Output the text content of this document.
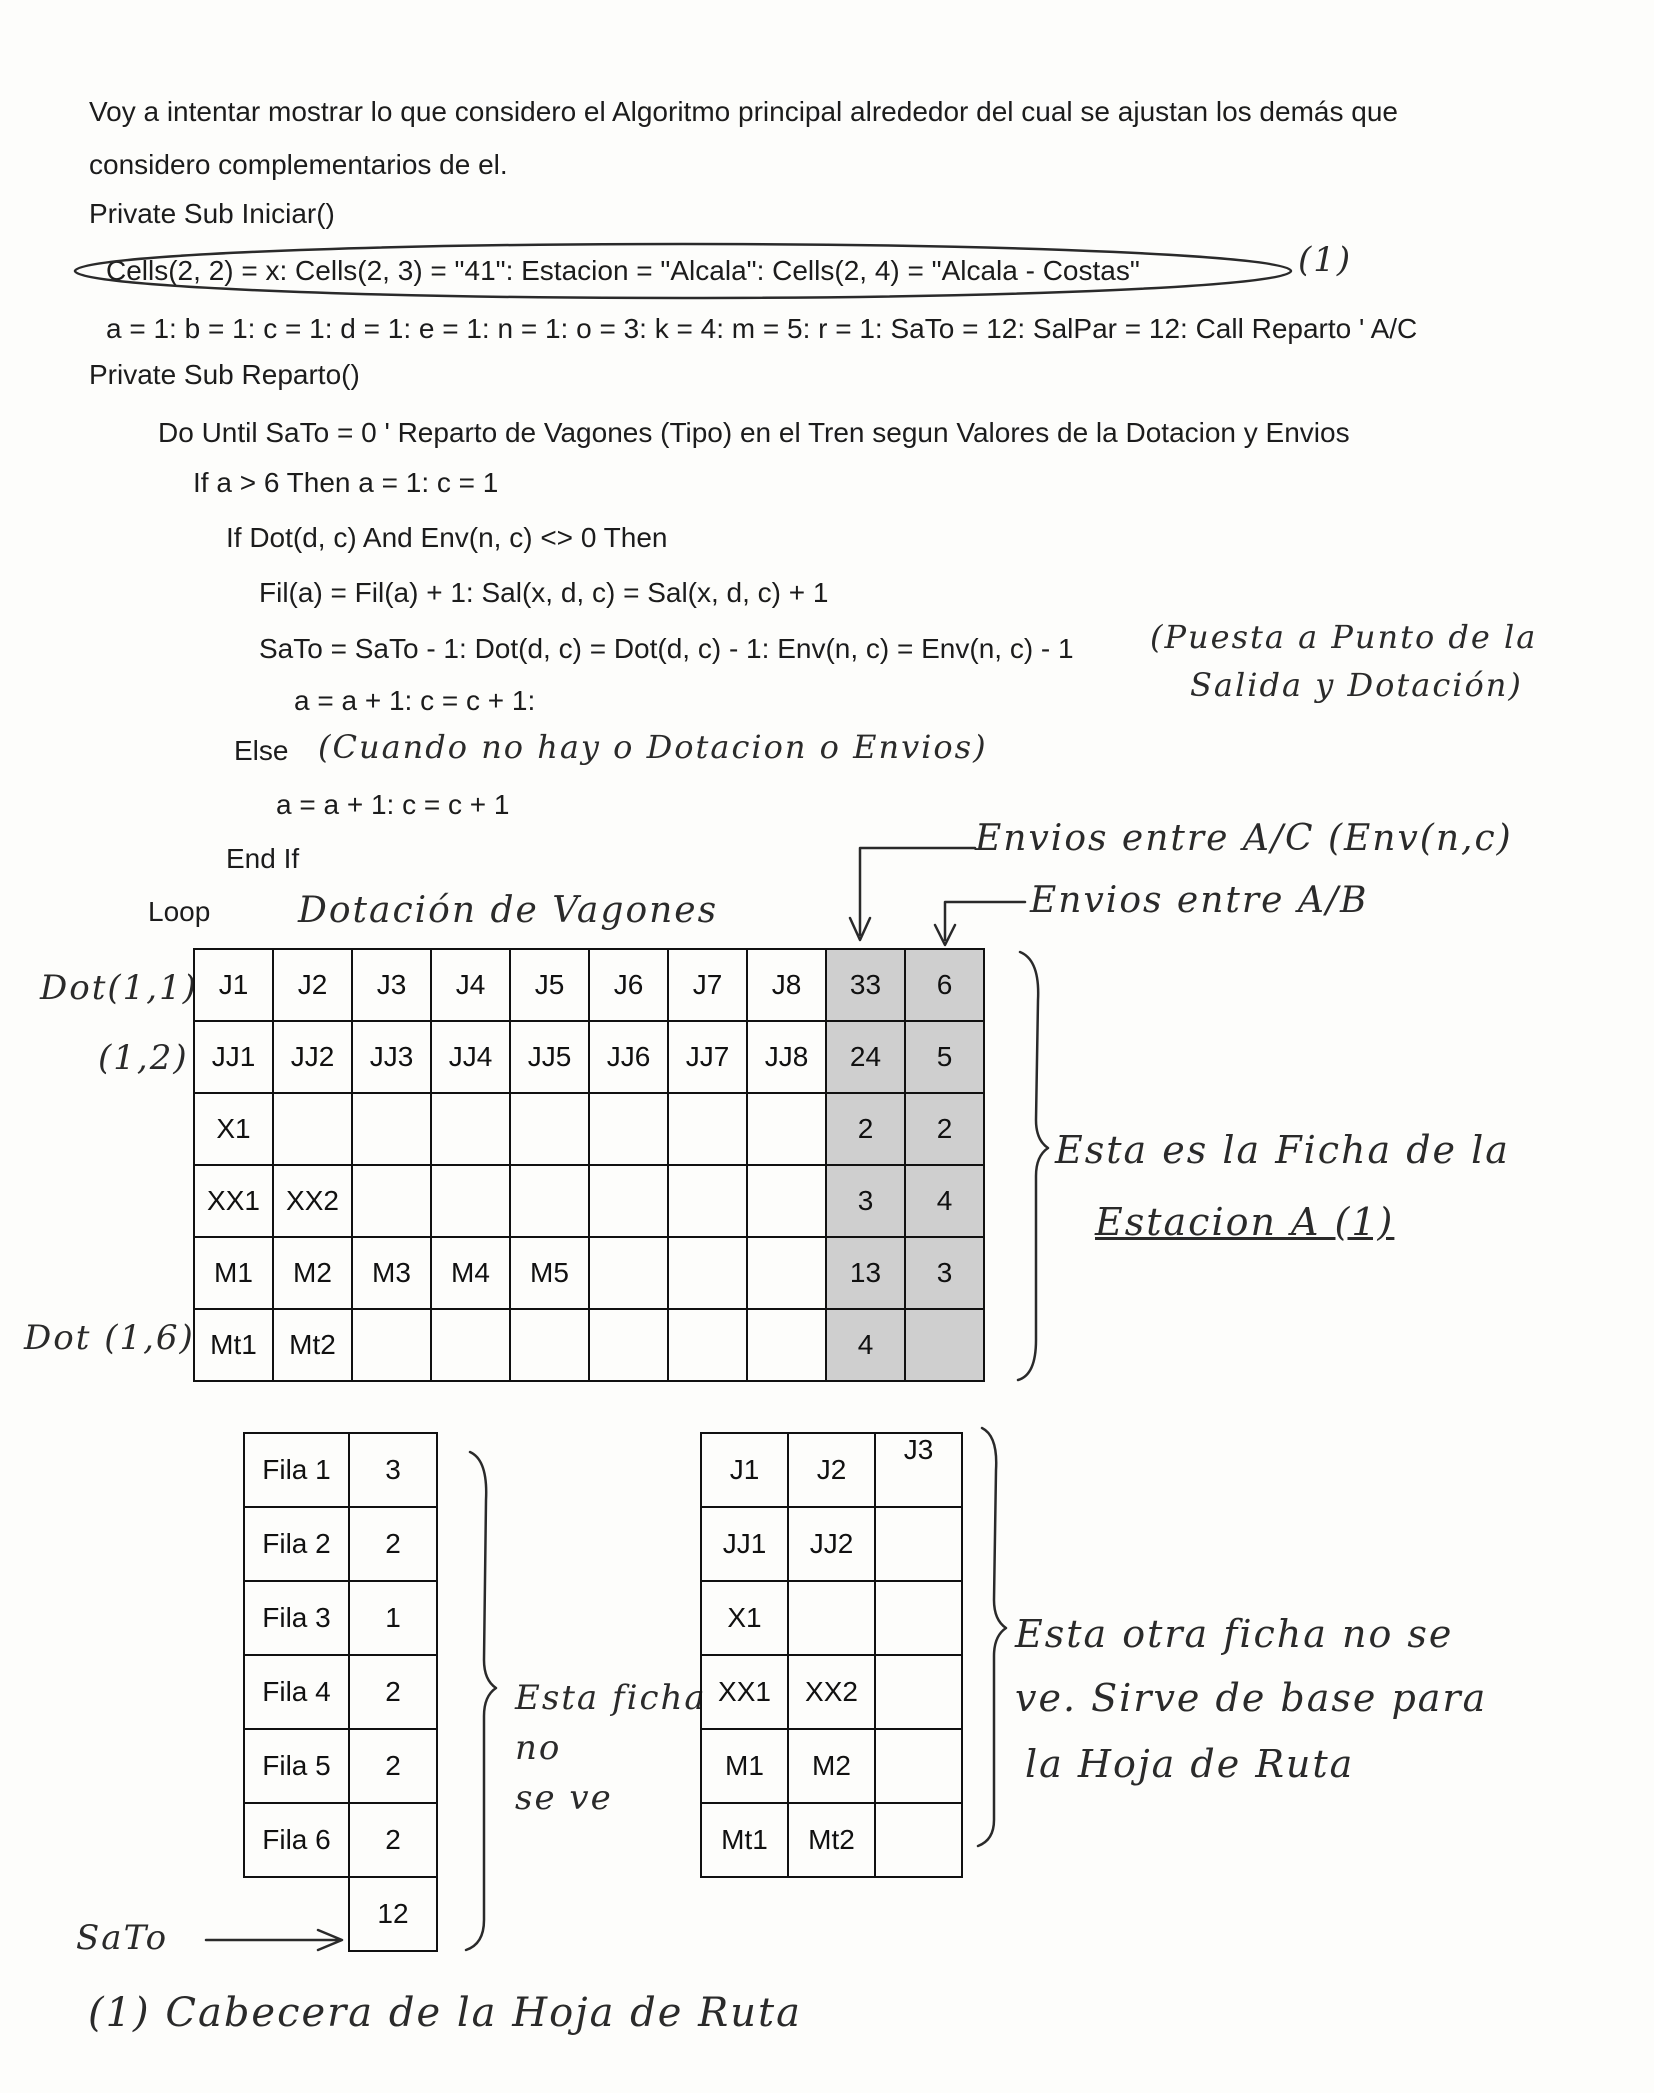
Voy a intentar mostrar lo que considero el Algoritmo principal alrededor del cual se ajustan los demás que
considero complementarios de el.
Private Sub Iniciar()
Cells(2, 2) = x: Cells(2, 3) = "41": Estacion = "Alcala": Cells(2, 4) = "Alcala - Costas"
a = 1: b = 1: c = 1: d = 1: e = 1: n = 1: o = 3: k = 4: m = 5: r = 1: SaTo = 12: SalPar = 12: Call Reparto ' A/C
Private Sub Reparto()
Do Until SaTo = 0 ' Reparto de Vagones (Tipo) en el Tren segun Valores de la Dotacion y Envios
If a > 6 Then a = 1: c = 1
If Dot(d, c) And Env(n, c) <> 0 Then
Fil(a) = Fil(a) + 1: Sal(x, d, c) = Sal(x, d, c) + 1
SaTo = SaTo - 1: Dot(d, c) = Dot(d, c) - 1: Env(n, c) = Env(n, c) - 1
a = a + 1: c = c + 1:
Else
a = a + 1: c = c + 1
End If
Loop
(1)
(Puesta a Punto de la
Salida y Dotación)
(Cuando no hay o Dotacion o Envios)
Envios entre A/C (Env(n,c)
Envios entre A/B
Dotación de Vagones
Dot(1,1)
(1,2)
Dot (1,6)
Esta es la Ficha de la
Estacion A (1)
Esta ficha
no
se ve
Esta otra ficha no se
ve. Sirve de base para
la Hoja de Ruta
SaTo
(1) Cabecera de la Hoja de Ruta
J1	J2	J3	J4	J5	J6	J7	J8	33	6
JJ1	JJ2	JJ3	JJ4	JJ5	JJ6	JJ7	JJ8	24	5
X1								2	2
XX1	XX2							3	4
M1	M2	M3	M4	M5				13	3
Mt1	Mt2							4	
Fila 1	3
Fila 2	2
Fila 3	1
Fila 4	2
Fila 5	2
Fila 6	2
	12
J1	J2	J3
JJ1	JJ2	
X1		
XX1	XX2	
M1	M2	
Mt1	Mt2	
